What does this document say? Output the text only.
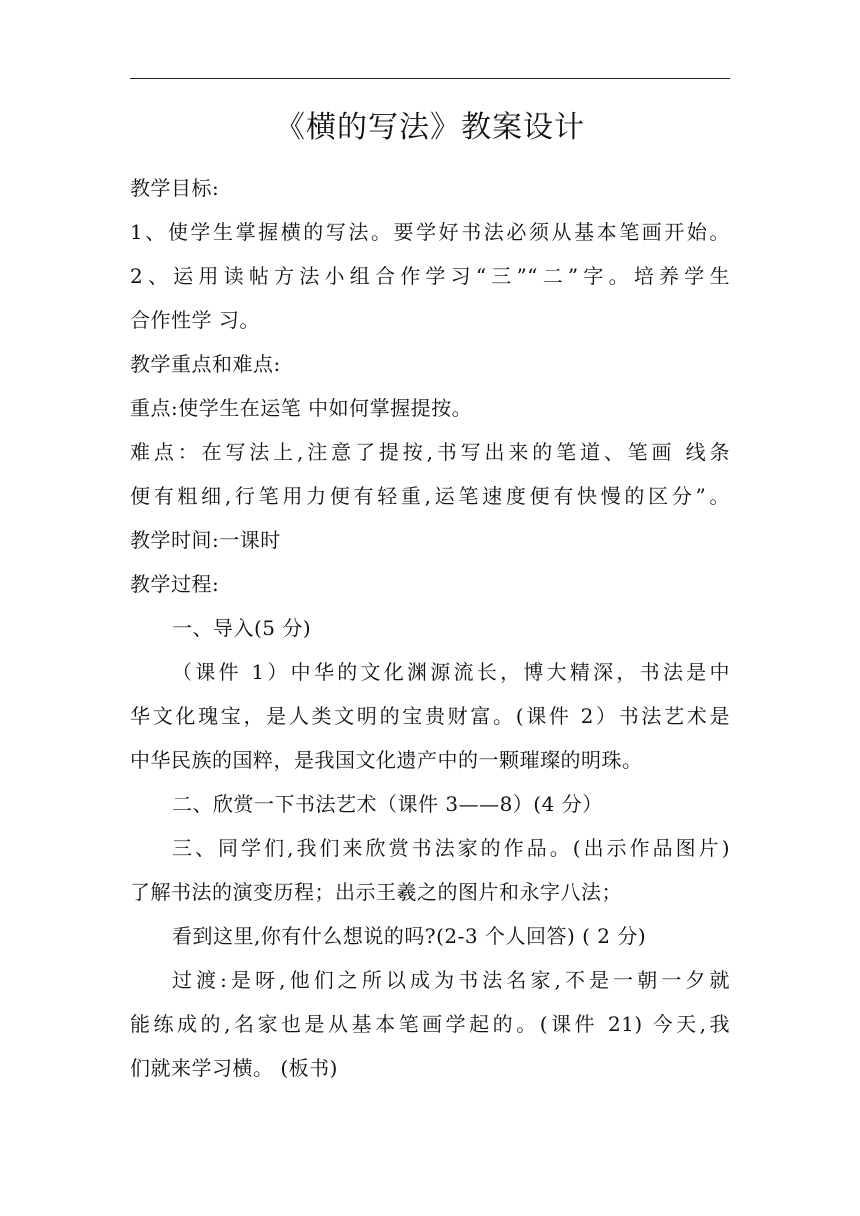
《横的写法》教案设计
教学目标:
1、使学生掌握横的写法。要学好书法必须从基本笔画开始。
2、运用读帖方法小组合作学习“三”“二”字。培养学生
合作性学 习。
教学重点和难点:
重点:使学生在运笔 中如何掌握提按。
难点：在写法上,注意了提按,书写出来的笔道、笔画 线条
便有粗细,行笔用力便有轻重,运笔速度便有快慢的区分”。
教学时间:一课时
教学过程:
一、导入(5 分)
（课件 1）中华的文化渊源流长，博大精深，书法是中
华文化瑰宝，是人类文明的宝贵财富。(课件 2）书法艺术是
中华民族的国粹，是我国文化遗产中的一颗璀璨的明珠。
二、欣赏一下书法艺术（课件 3——8）(4 分）
三、同学们,我们来欣赏书法家的作品。(出示作品图片)
了解书法的演变历程；出示王羲之的图片和永字八法；
看到这里,你有什么想说的吗?(2-3 个人回答) ( 2 分)
过渡:是呀,他们之所以成为书法名家,不是一朝一夕就
能练成的,名家也是从基本笔画学起的。(课件 21) 今天,我
们就来学习横。 (板书)
